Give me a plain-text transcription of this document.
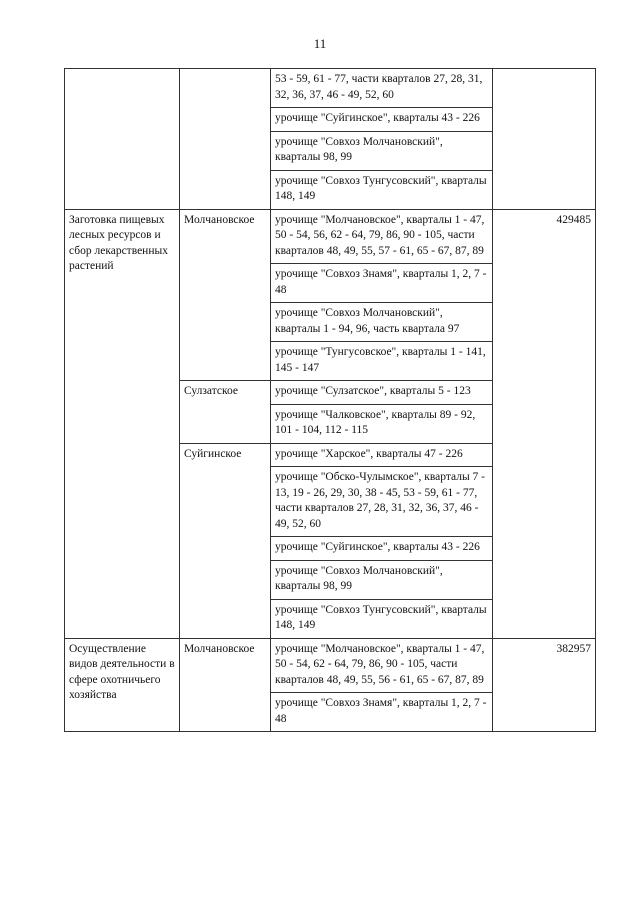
11
		53 - 59, 61 - 77, части кварталов 27, 28, 31, 32, 36, 37, 46 - 49, 52, 60	
		урочище "Суйгинское", кварталы 43 - 226	
		урочище "Совхоз Молчановский", кварталы 98, 99	
		урочище "Совхоз Тунгусовский", кварталы 148, 149	
Заготовка пищевых лесных ресурсов и сбор лекарственных растений	Молчановское	урочище "Молчановское", кварталы 1 - 47, 50 - 54, 56, 62 - 64, 79, 86, 90 - 105, части кварталов 48, 49, 55, 57 - 61, 65 - 67, 87, 89	429485
		урочище "Совхоз Знамя", кварталы 1, 2, 7 - 48	
		урочище "Совхоз Молчановский", кварталы 1 - 94, 96, часть квартала 97	
		урочище "Тунгусовское", кварталы 1 - 141, 145 - 147	
	Сулзатское	урочище "Сулзатское", кварталы 5 - 123	
		урочище "Чалковское", кварталы 89 - 92, 101 - 104, 112 - 115	
	Суйгинское	урочище "Харское", кварталы 47 - 226	
		урочище "Обско-Чулымское", кварталы 7 - 13, 19 - 26, 29, 30, 38 - 45, 53 - 59, 61 - 77, части кварталов 27, 28, 31, 32, 36, 37, 46 - 49, 52, 60	
		урочище "Суйгинское", кварталы 43 - 226	
		урочище "Совхоз Молчановский", кварталы 98, 99	
		урочище "Совхоз Тунгусовский", кварталы 148, 149	
Осуществление видов деятельности в сфере охотничьего хозяйства	Молчановское	урочище "Молчановское", кварталы 1 - 47, 50 - 54, 62 - 64, 79, 86, 90 - 105, части кварталов 48, 49, 55, 56 - 61, 65 - 67, 87, 89	382957
		урочище "Совхоз Знамя", кварталы 1, 2, 7 - 48	
